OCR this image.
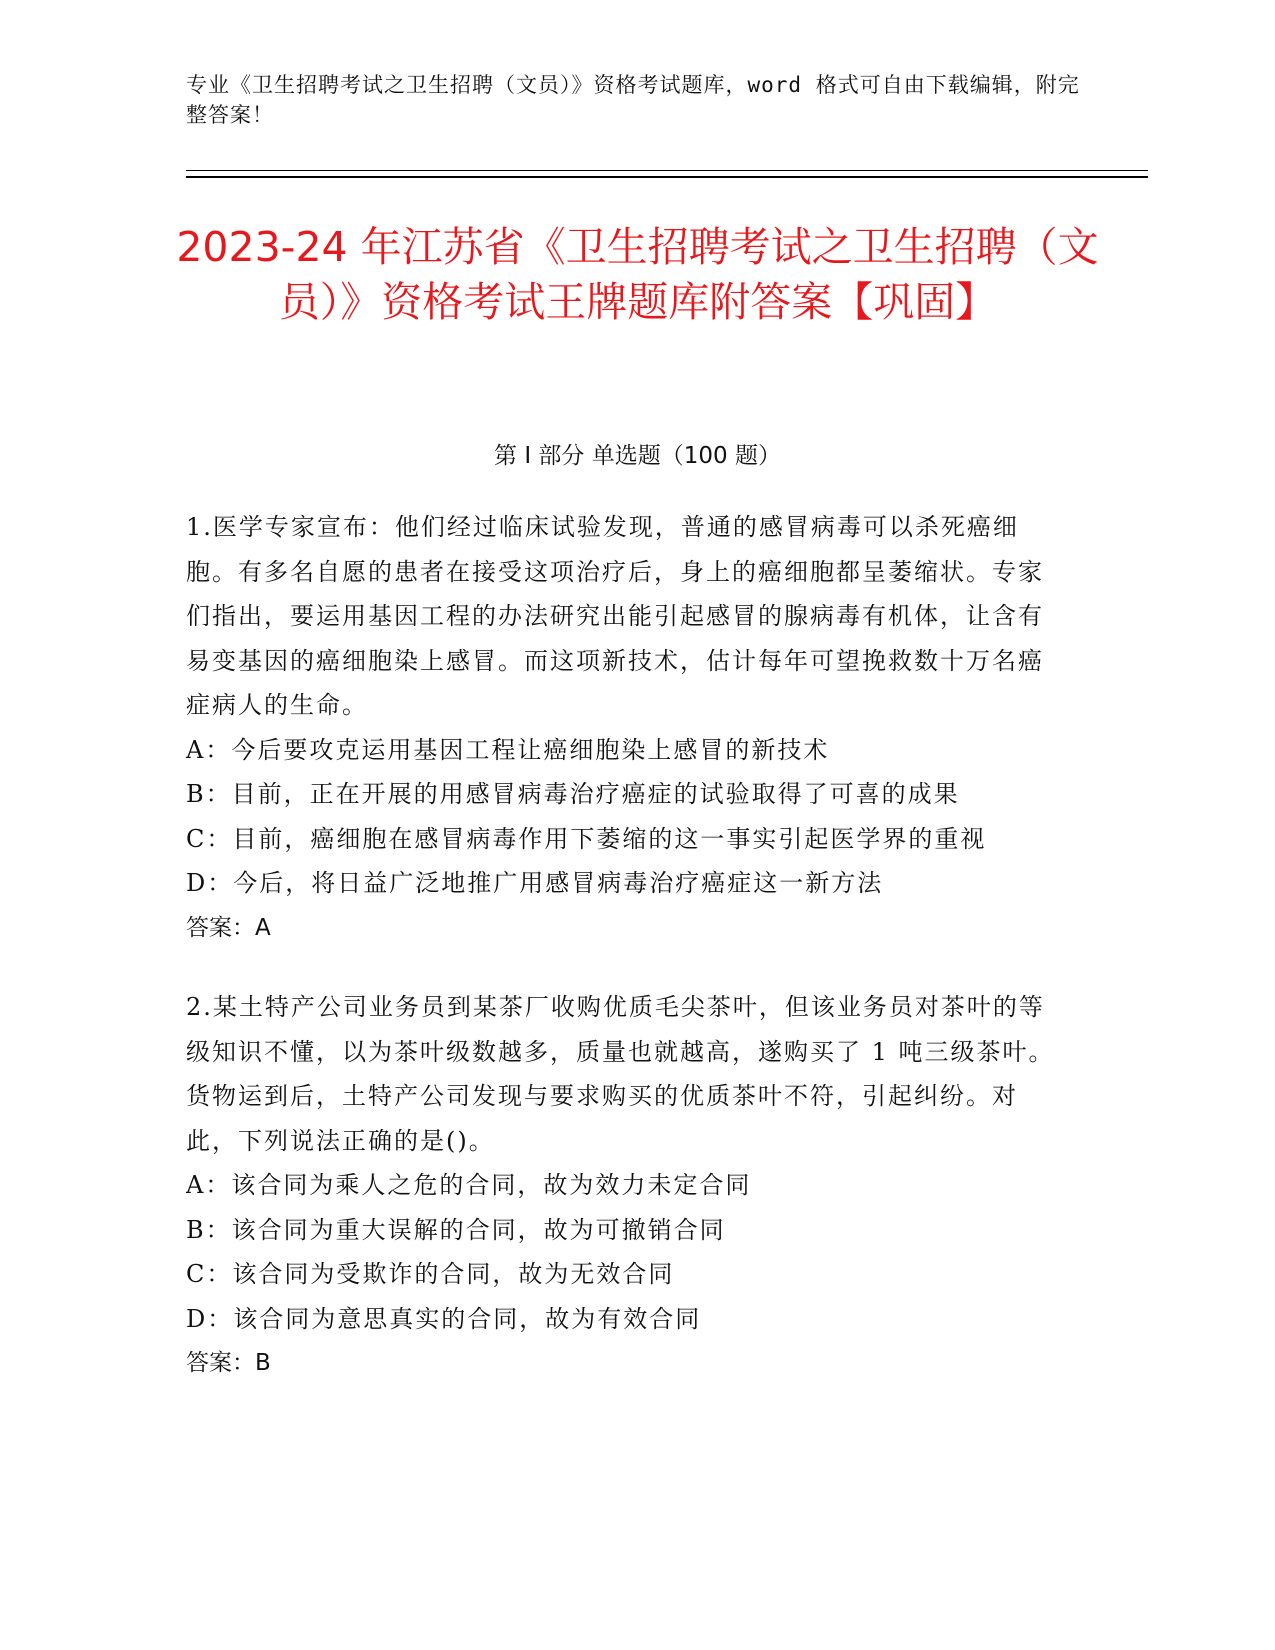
专业《卫生招聘考试之卫生招聘（文员）》资格考试题库，word 格式可自由下载编辑，附完整答案！
2023-24 年江苏省《卫生招聘考试之卫生招聘（文员）》资格考试王牌题库附答案【巩固】
第 I 部分 单选题（100 题）
1.医学专家宣布：他们经过临床试验发现，普通的感冒病毒可以杀死癌细胞。有多名自愿的患者在接受这项治疗后，身上的癌细胞都呈萎缩状。专家们指出，要运用基因工程的办法研究出能引起感冒的腺病毒有机体，让含有易变基因的癌细胞染上感冒。而这项新技术，估计每年可望挽救数十万名癌症病人的生命。
A：今后要攻克运用基因工程让癌细胞染上感冒的新技术
B：目前，正在开展的用感冒病毒治疗癌症的试验取得了可喜的成果
C：目前，癌细胞在感冒病毒作用下萎缩的这一事实引起医学界的重视
D：今后，将日益广泛地推广用感冒病毒治疗癌症这一新方法
答案：A
2.某土特产公司业务员到某茶厂收购优质毛尖茶叶，但该业务员对茶叶的等级知识不懂，以为茶叶级数越多，质量也就越高，遂购买了 1 吨三级茶叶。货物运到后，土特产公司发现与要求购买的优质茶叶不符，引起纠纷。对此，下列说法正确的是()。
A：该合同为乘人之危的合同，故为效力未定合同
B：该合同为重大误解的合同，故为可撤销合同
C：该合同为受欺诈的合同，故为无效合同
D：该合同为意思真实的合同，故为有效合同
答案：B
